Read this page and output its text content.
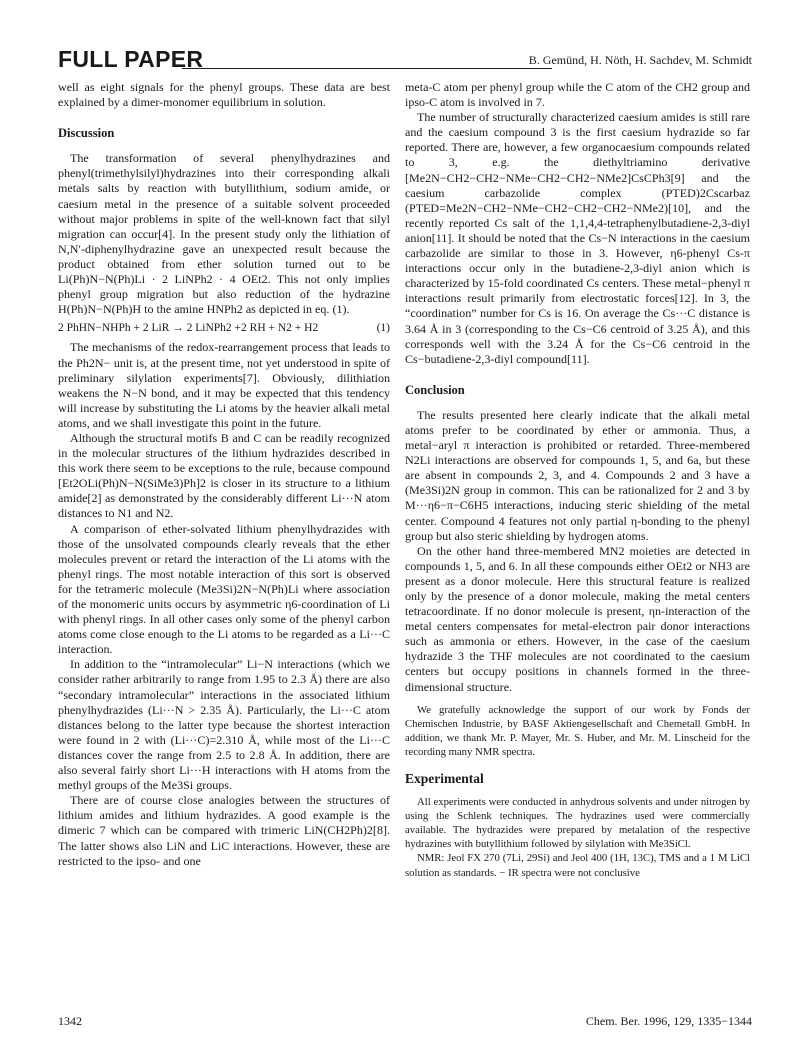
FULL PAPER	B. Gemünd, H. Nöth, H. Sachdev, M. Schmidt

well as eight signals for the phenyl groups. These data are best explained by a dimer-monomer equilibrium in solution.

Discussion

The transformation of several phenylhydrazines and phenyl(trimethylsilyl)hydrazines into their corresponding alkali metals salts by reaction with butyllithium, sodium amide, or caesium metal in the presence of a suitable solvent proceeded without major problems in spite of the well-known fact that silyl migration can occur[4]. In the present study only the lithiation of N,N′-diphenylhydrazine gave an unexpected result because the product obtained from ether solution turned out to be Li(Ph)N−N(Ph)Li · 2 LiNPh2 · 4 OEt2. This not only implies phenyl group migration but also reduction of the hydrazine H(Ph)N−N(Ph)H to the amine HNPh2 as depicted in eq. (1).

2 PhHN−NHPh + 2 LiR → 2 LiNPh2 +2 RH + N2 + H2	(1)

The mechanisms of the redox-rearrangement process that leads to the Ph2N− unit is, at the present time, not yet understood in spite of preliminary silylation experiments[7]. Obviously, dilithiation weakens the N−N bond, and it may be expected that this tendency will increase by substituting the Li atoms by the heavier alkali metal atoms, and we shall investigate this point in the future.

Although the structural motifs B and C can be readily recognized in the molecular structures of the lithium hydrazides described in this work there seem to be exceptions to the rule, because compound [Et2OLi(Ph)N−N(SiMe3)Ph]2 is closer in its structure to a lithium amide[2] as demonstrated by the considerably different Li···N atom distances to N1 and N2.

A comparison of ether-solvated lithium phenylhydrazides with those of the unsolvated compounds clearly reveals that the ether molecules prevent or retard the interaction of the Li atoms with the phenyl rings. The most notable interaction of this sort is observed for the tetrameric molecule (Me3Si)2N−N(Ph)Li where association of the monomeric units occurs by asymmetric η6-coordination of Li with phenyl rings. In all other cases only some of the phenyl carbon atoms come close enough to the Li atoms to be regarded as a Li···C interaction.

In addition to the “intramolecular” Li−N interactions (which we consider rather arbitrarily to range from 1.95 to 2.3 Å) there are also “secondary intramolecular” interactions in the associated lithium phenylhydrazides (Li···N > 2.35 Å). Particularly, the Li···C atom distances belong to the latter type because the shortest interaction were found in 2 with (Li···C)=2.310 Å, while most of the Li···C distances cover the range from 2.5 to 2.8 Å. In addition, there are also several fairly short Li···H interactions with H atoms from the methyl groups of the Me3Si groups.

There are of course close analogies between the structures of lithium amides and lithium hydrazides. A good example is the dimeric 7 which can be compared with trimeric LiN(CH2Ph)2[8]. The latter shows also LiN and LiC interactions. However, these are restricted to the ipso- and one

meta-C atom per phenyl group while the C atom of the CH2 group and ipso-C atom is involved in 7.

The number of structurally characterized caesium amides is still rare and the caesium compound 3 is the first caesium hydrazide so far reported. There are, however, a few organocaesium compounds related to 3, e.g. the diethyltriamino derivative [Me2N−CH2−CH2−NMe−CH2−CH2−NMe2]CsCPh3[9] and the caesium carbazolide complex (PTED)2Cscarbaz (PTED=Me2N−CH2−NMe−CH2−CH2−CH2−NMe2)[10], and the recently reported Cs salt of the 1,1,4,4-tetraphenylbutadiene-2,3-diyl anion[11]. It should be noted that the Cs−N interactions in the caesium carbazolide are similar to those in 3. However, η6-phenyl Cs-π interactions occur only in the butadiene-2,3-diyl anion which is characterized by 15-fold coordinated Cs centers. These metal−phenyl π interactions result primarily from electrostatic forces[12]. In 3, the “coordination” number for Cs is 16. On average the Cs···C distance is 3.64 Å in 3 (corresponding to the Cs−C6 centroid of 3.25 Å), and this corresponds well with the 3.24 Å for the Cs−C6 centroid in the Cs−butadiene-2,3-diyl compound[11].

Conclusion

The results presented here clearly indicate that the alkali metal atoms prefer to be coordinated by ether or ammonia. Thus, a metal−aryl π interaction is prohibited or retarded. Three-membered N2Li interactions are observed for compounds 1, 5, and 6a, but these are absent in compounds 2, 3, and 4. Compounds 2 and 3 have a (Me3Si)2N group in common. This can be rationalized for 2 and 3 by M···η6−π−C6H5 interactions, inducing steric shielding of the metal center. Compound 4 features not only partial η-bonding to the phenyl group but also steric shielding by hydrogen atoms.

On the other hand three-membered MN2 moieties are detected in compounds 1, 5, and 6. In all these compounds either OEt2 or NH3 are present as a donor molecule. Here this structural feature is realized only by the presence of a donor molecule, making the metal centers tetracoordinate. If no donor molecule is present, ηn-interaction of the metal centers compensates for metal-electron pair donor interactions such as ammonia or ethers. However, in the case of the caesium hydrazide 3 the THF molecules are not coordinated to the caesium centers but occupy positions in channels formed in the three-dimensional structure.

We gratefully acknowledge the support of our work by Fonds der Chemischen Industrie, by BASF Aktiengesellschaft and Chemetall GmbH. In addition, we thank Mr. P. Mayer, Mr. S. Huber, and Mr. M. Linscheid for the recording many NMR spectra.

Experimental

All experiments were conducted in anhydrous solvents and under nitrogen by using the Schlenk techniques. The hydrazines used were commercially available. The hydrazides were prepared by metalation of the respective hydrazines with butyllithium followed by silylation with Me3SiCl.

NMR: Jeol FX 270 (7Li, 29Si) and Jeol 400 (1H, 13C), TMS and a 1 M LiCl solution as standards. − IR spectra were not conclusive

1342	Chem. Ber. 1996, 129, 1335−1344
